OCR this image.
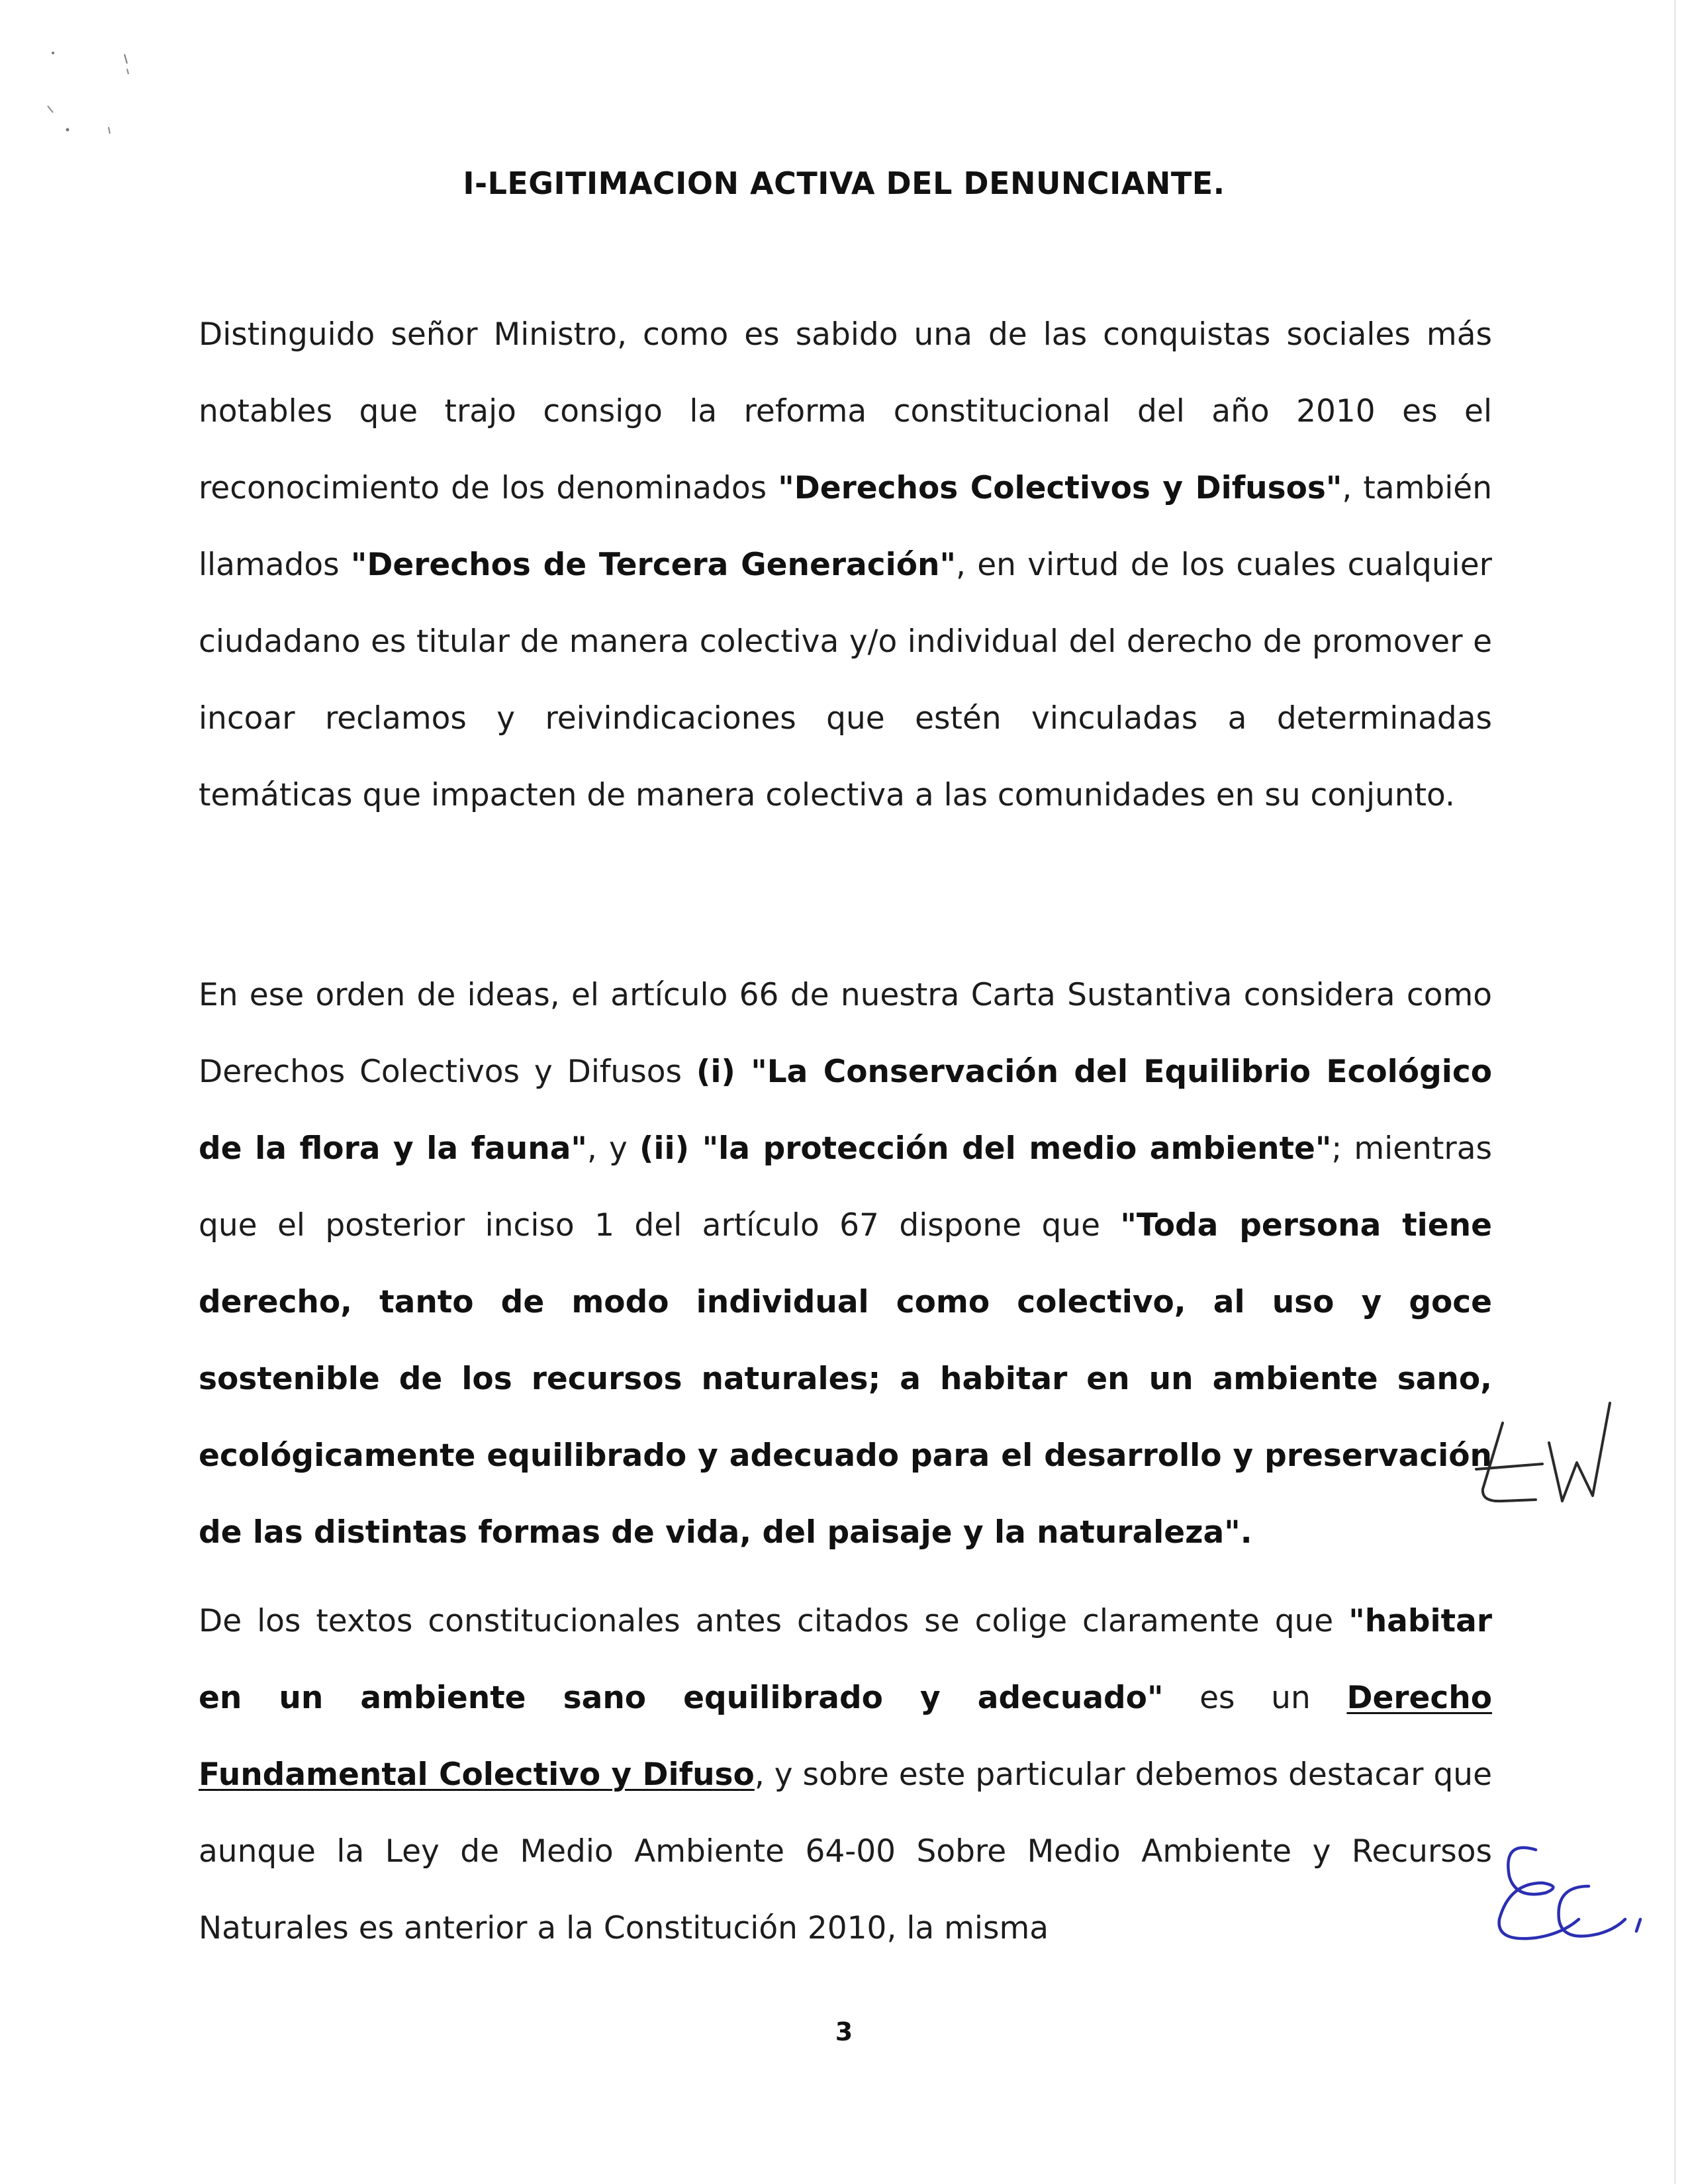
I-LEGITIMACION ACTIVA DEL DENUNCIANTE.
Distinguido señor Ministro, como es sabido una de las conquistas sociales más notables que trajo consigo la reforma constitucional del año 2010 es el reconocimiento de los denominados "Derechos Colectivos y Difusos", también llamados "Derechos de Tercera Generación", en virtud de los cuales cualquier ciudadano es titular de manera colectiva y/o individual del derecho de promover e incoar reclamos y reivindicaciones que estén vinculadas a determinadas temáticas que impacten de manera colectiva a las comunidades en su conjunto.
En ese orden de ideas, el artículo 66 de nuestra Carta Sustantiva considera como Derechos Colectivos y Difusos (i) "La Conservación del Equilibrio Ecológico de la flora y la fauna", y (ii) "la protección del medio ambiente"; mientras que el posterior inciso 1 del artículo 67 dispone que "Toda persona tiene derecho, tanto de modo individual como colectivo, al uso y goce sostenible de los recursos naturales; a habitar en un ambiente sano, ecológicamente equilibrado y adecuado para el desarrollo y preservación de las distintas formas de vida, del paisaje y la naturaleza".
De los textos constitucionales antes citados se colige claramente que "habitar en un ambiente sano equilibrado y adecuado" es un Derecho Fundamental Colectivo y Difuso, y sobre este particular debemos destacar que aunque la Ley de Medio Ambiente 64-00 Sobre Medio Ambiente y Recursos Naturales es anterior a la Constitución 2010, la misma
3
